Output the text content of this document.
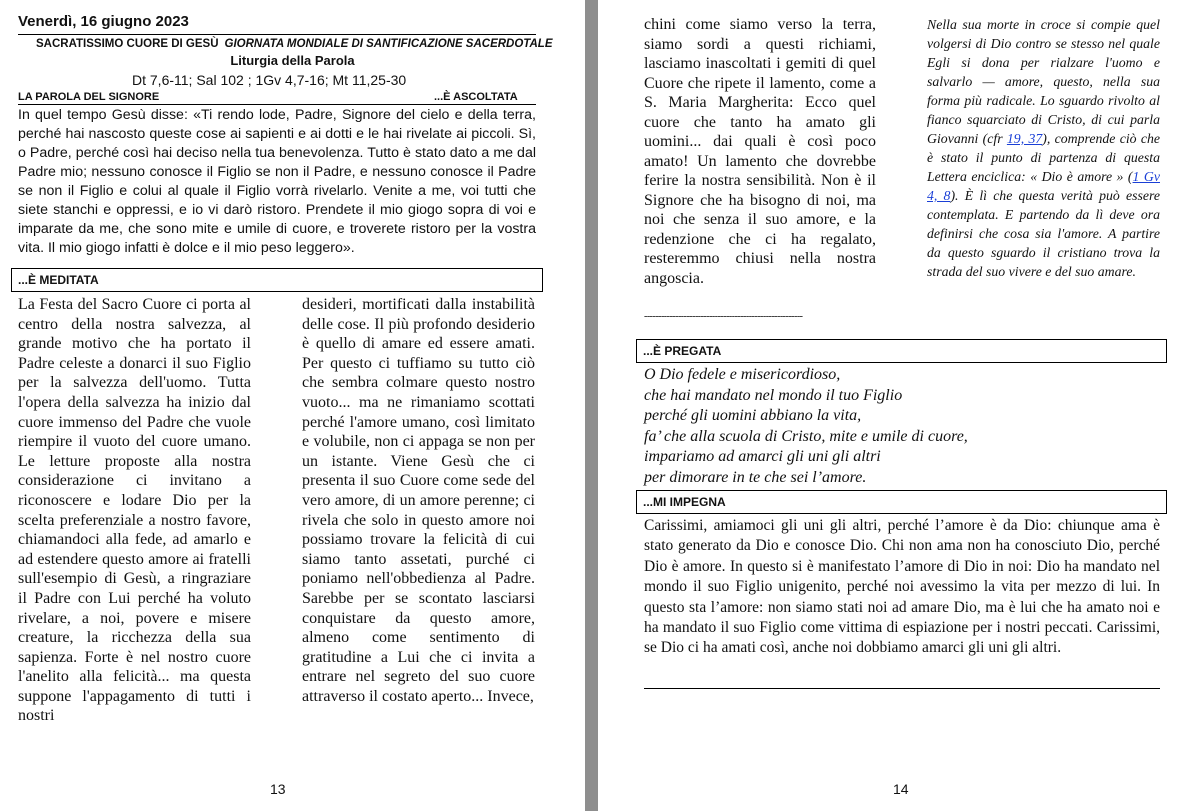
Venerdì, 16 giugno 2023
SACRATISSIMO CUORE DI GESÙ GIORNATA MONDIALE DI SANTIFICAZIONE SACERDOTALE
Liturgia della Parola
Dt 7,6-11; Sal 102 ; 1Gv 4,7-16; Mt 11,25-30
LA PAROLA DEL SIGNORE	...È ASCOLTATA
In quel tempo Gesù disse: «Ti rendo lode, Padre, Signore del cielo e della terra, perché hai nascosto queste cose ai sapienti e ai dotti e le hai rivelate ai piccoli. Sì, o Padre, perché così hai deciso nella tua benevolenza. Tutto è stato dato a me dal Padre mio; nessuno conosce il Figlio se non il Padre, e nessuno conosce il Padre se non il Figlio e colui al quale il Figlio vorrà rivelarlo. Venite a me, voi tutti che siete stanchi e oppressi, e io vi darò ristoro. Prendete il mio giogo sopra di voi e imparate da me, che sono mite e umile di cuore, e troverete ristoro per la vostra vita. Il mio giogo infatti è dolce e il mio peso leggero».
...È MEDITATA

La Festa del Sacro Cuore ci porta al centro della nostra salvezza, al grande motivo che ha portato il Padre celeste a donarci il suo Figlio per la salvezza dell'uomo. Tutta l'opera della salvezza ha inizio dal cuore immenso del Padre che vuole riempire il vuoto del cuore umano. Le letture proposte alla nostra considerazione ci invitano a riconoscere e lodare Dio per la scelta preferenziale a nostro favore, chiamandoci alla fede, ad amarlo e ad estendere questo amore ai fratelli sull'esempio di Gesù, a ringraziare il Padre con Lui perché ha voluto rivelare, a noi, povere e misere creature, la ricchezza della sua sapienza. Forte è nel nostro cuore l'anelito alla felicità... ma questa suppone l'appagamento di tutti i nostri

desideri, mortificati dalla instabilità delle cose. Il più profondo desiderio è quello di amare ed essere amati. Per questo ci tuffiamo su tutto ciò che sembra colmare questo nostro vuoto... ma ne rimaniamo scottati perché l'amore umano, così limitato e volubile, non ci appaga se non per un istante. Viene Gesù che ci presenta il suo Cuore come sede del vero amore, di un amore perenne; ci rivela che solo in questo amore noi possiamo trovare la felicità di cui siamo tanto assetati, purché ci poniamo nell'obbedienza al Padre. Sarebbe per se scontato lasciarsi conquistare da questo amore, almeno come sentimento di gratitudine a Lui che ci invita a entrare nel segreto del suo cuore attraverso il costato aperto... Invece,

13
chini come siamo verso la terra, siamo sordi a questi richiami, lasciamo inascoltati i gemiti di quel Cuore che ripete il lamento, come a S. Maria Margherita: Ecco quel cuore che tanto ha amato gli uomini... dai quali è così poco amato! Un lamento che dovrebbe ferire la nostra sensibilità. Non è il Signore che ha bisogno di noi, ma noi che senza il suo amore, e la redenzione che ci ha regalato, resteremmo chiusi nella nostra angoscia.
--------------------------------------------------------
Nella sua morte in croce si compie quel volgersi di Dio contro se stesso nel quale Egli si dona per rialzare l'uomo e salvarlo — amore, questo, nella sua forma più radicale. Lo sguardo rivolto al fianco squarciato di Cristo, di cui parla Giovanni (cfr 19, 37), comprende ciò che è stato il punto di partenza di questa Lettera enciclica: « Dio è amore » (1 Gv 4, 8). È lì che questa verità può essere contemplata. E partendo da lì deve ora definirsi che cosa sia l'amore. A partire da questo sguardo il cristiano trova la strada del suo vivere e del suo amare.
...È PREGATA
O Dio fedele e misericordioso,
che hai mandato nel mondo il tuo Figlio
perché gli uomini abbiano la vita,
fa’ che alla scuola di Cristo, mite e umile di cuore,
impariamo ad amarci gli uni gli altri
per dimorare in te che sei l’amore.
...MI IMPEGNA
Carissimi, amiamoci gli uni gli altri, perché l’amore è da Dio: chiunque ama è stato generato da Dio e conosce Dio. Chi non ama non ha conosciuto Dio, perché Dio è amore. In questo si è manifestato l’amore di Dio in noi: Dio ha mandato nel mondo il suo Figlio unigenito, perché noi avessimo la vita per mezzo di lui. In questo sta l’amore: non siamo stati noi ad amare Dio, ma è lui che ha amato noi e ha mandato il suo Figlio come vittima di espiazione per i nostri peccati. Carissimi, se Dio ci ha amati così, anche noi dobbiamo amarci gli uni gli altri.
14
